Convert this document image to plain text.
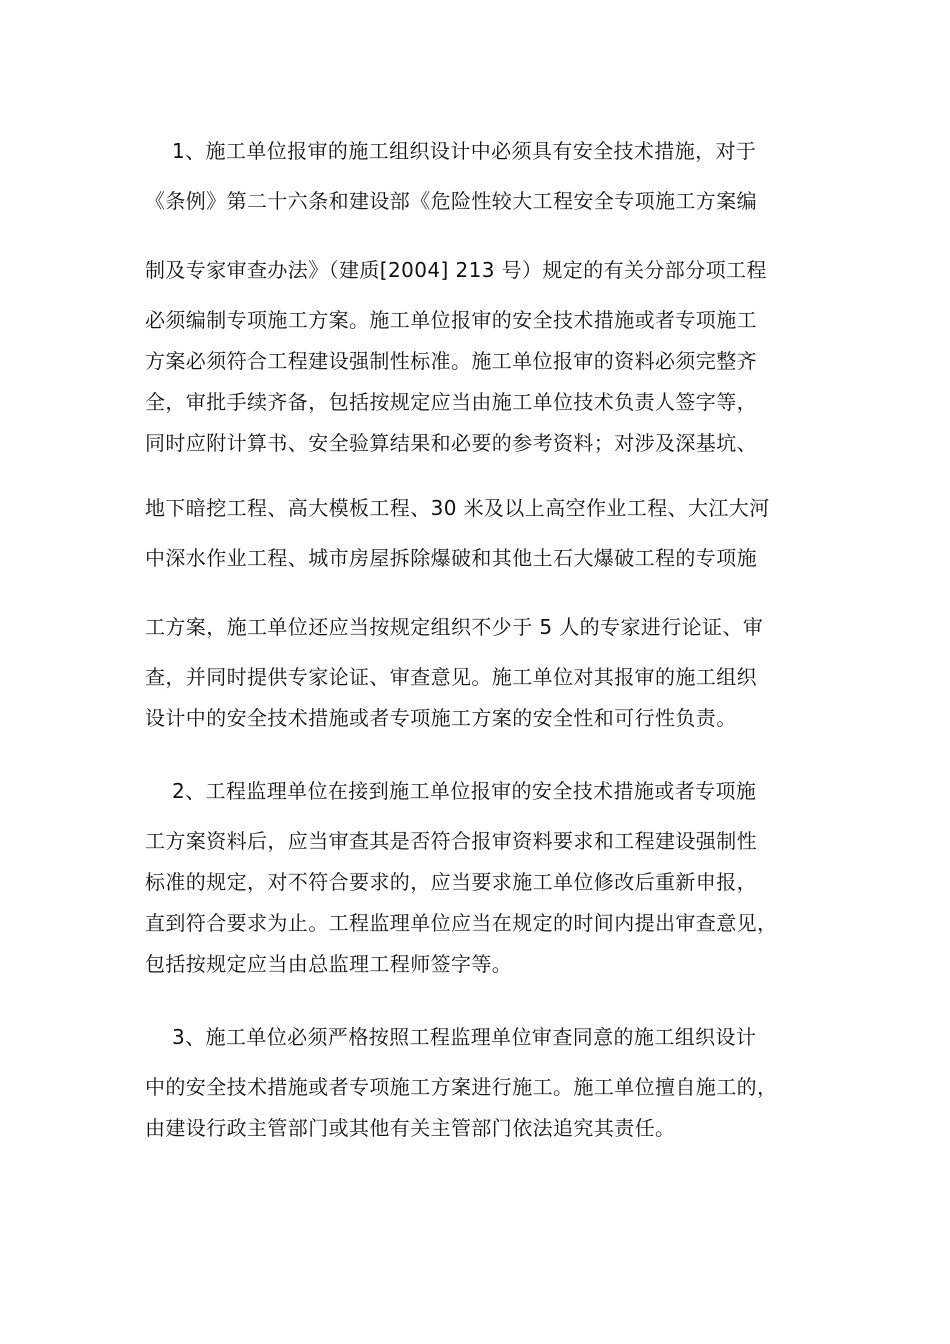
1、施工单位报审的施工组织设计中必须具有安全技术措施，对于
《条例》第二十六条和建设部《危险性较大工程安全专项施工方案编
制及专家审查办法》（建质[2004] 213 号）规定的有关分部分项工程
必须编制专项施工方案。施工单位报审的安全技术措施或者专项施工
方案必须符合工程建设强制性标准。施工单位报审的资料必须完整齐
全，审批手续齐备，包括按规定应当由施工单位技术负责人签字等，
同时应附计算书、安全验算结果和必要的参考资料；对涉及深基坑、
地下暗挖工程、高大模板工程、30 米及以上高空作业工程、大江大河
中深水作业工程、城市房屋拆除爆破和其他土石大爆破工程的专项施
工方案，施工单位还应当按规定组织不少于 5 人的专家进行论证、审
查，并同时提供专家论证、审查意见。施工单位对其报审的施工组织
设计中的安全技术措施或者专项施工方案的安全性和可行性负责。
2、工程监理单位在接到施工单位报审的安全技术措施或者专项施
工方案资料后，应当审查其是否符合报审资料要求和工程建设强制性
标准的规定，对不符合要求的，应当要求施工单位修改后重新申报，
直到符合要求为止。工程监理单位应当在规定的时间内提出审查意见，
包括按规定应当由总监理工程师签字等。
3、施工单位必须严格按照工程监理单位审查同意的施工组织设计
中的安全技术措施或者专项施工方案进行施工。施工单位擅自施工的，
由建设行政主管部门或其他有关主管部门依法追究其责任。
